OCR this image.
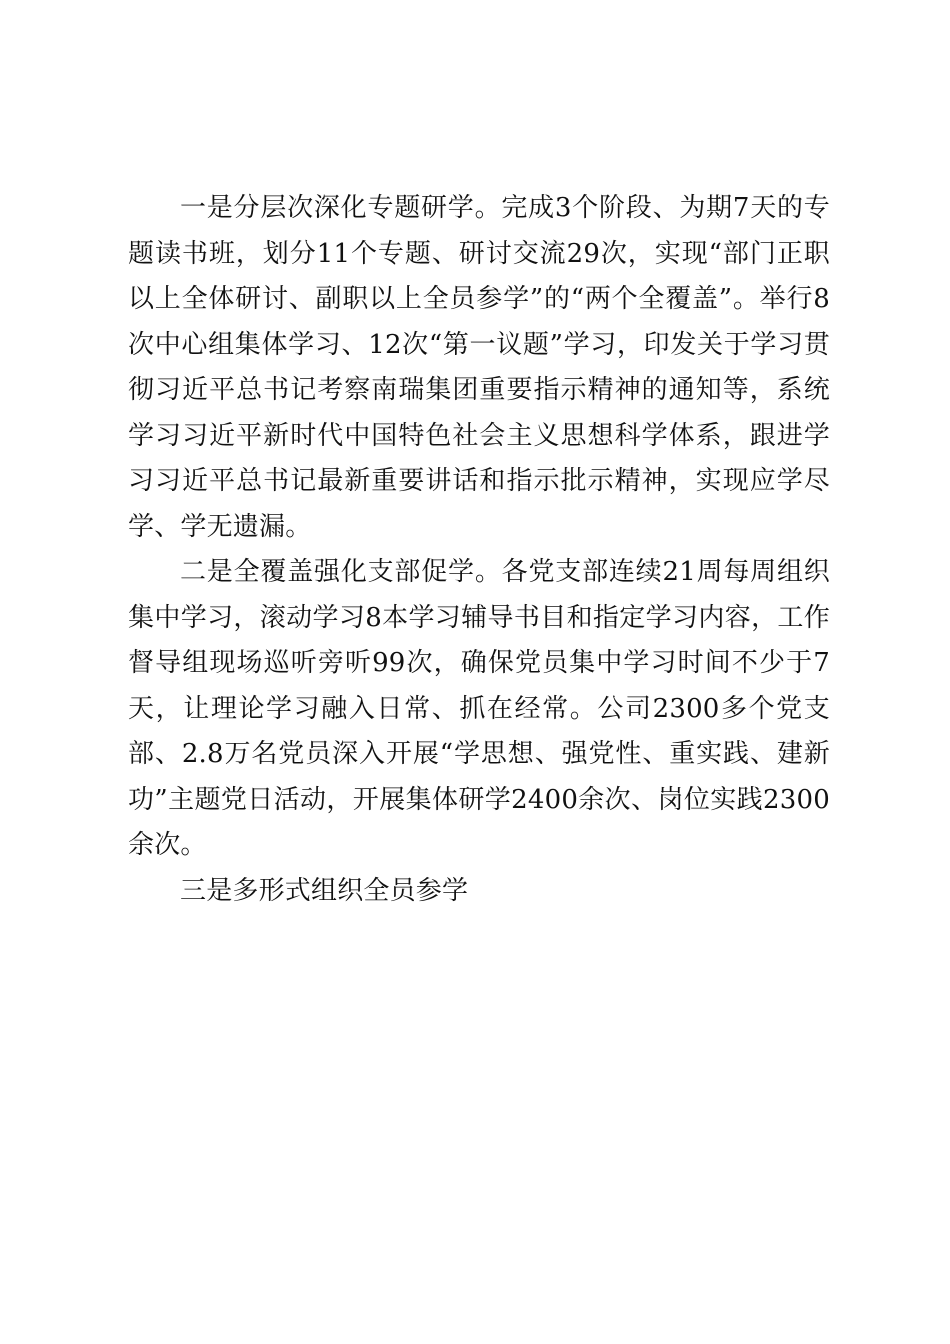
一是分层次深化专题研学。完成3个阶段、为期7天的专题读书班，划分11个专题、研讨交流29次，实现“部门正职以上全体研讨、副职以上全员参学”的“两个全覆盖”。举行8次中心组集体学习、12次“第一议题”学习，印发关于学习贯彻习近平总书记考察南瑞集团重要指示精神的通知等，系统学习习近平新时代中国特色社会主义思想科学体系，跟进学习习近平总书记最新重要讲话和指示批示精神，实现应学尽学、学无遗漏。

二是全覆盖强化支部促学。各党支部连续21周每周组织集中学习，滚动学习8本学习辅导书目和指定学习内容，工作督导组现场巡听旁听99次，确保党员集中学习时间不少于7天，让理论学习融入日常、抓在经常。公司2300多个党支部、2.8万名党员深入开展“学思想、强党性、重实践、建新功”主题党日活动，开展集体研学2400余次、岗位实践2300余次。

三是多形式组织全员参学
